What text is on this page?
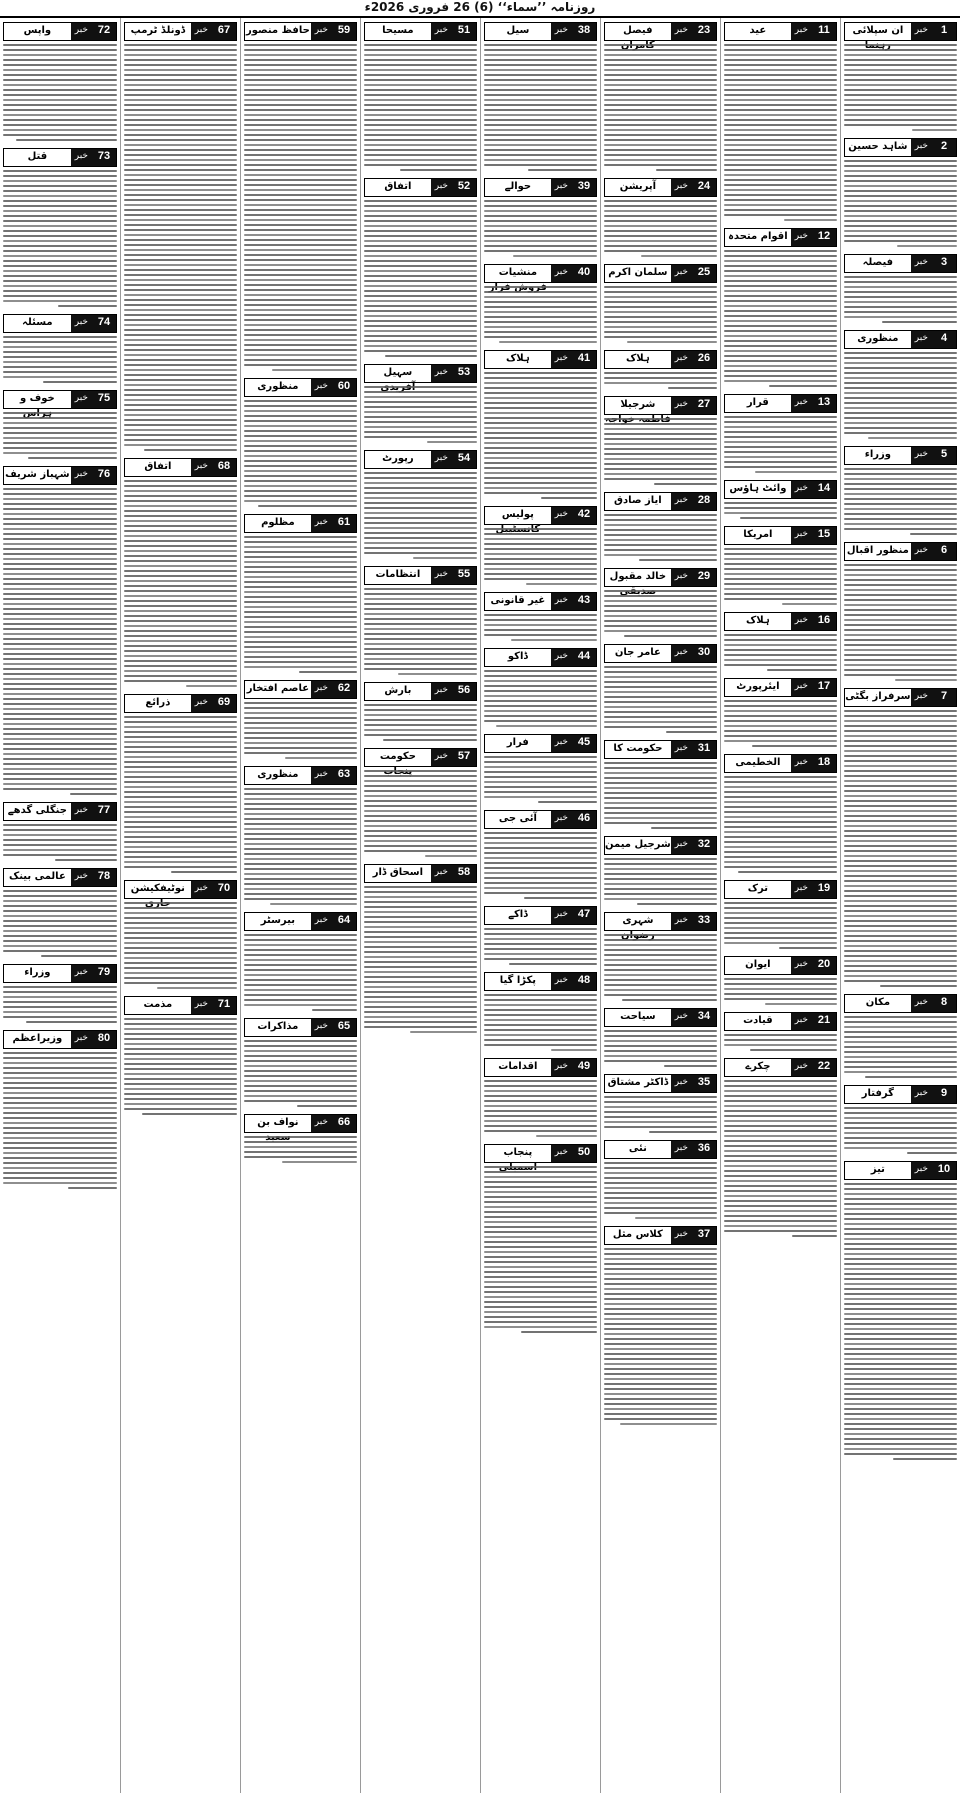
روزنامہ ’’سماء‘‘ (6) 26 فروری 2026ء
1
خبر
ان سپلائی
2
خبر
شاہد حسین
3
خبر
فیصلہ
4
خبر
منظوری
5
خبر
وزراء
6
خبر
منظور اقبال
7
خبر
سرفراز بگٹی
8
خبر
مکان
9
خبر
گرفتار
10
خبر
تیز
11
خبر
عید
12
خبر
اقوام متحدہ
13
خبر
قرار
14
خبر
وائٹ ہاؤس
15
خبر
امریکا
16
خبر
ہلاک
17
خبر
ایئرپورٹ
18
خبر
الخطیمی
19
خبر
ترک
20
خبر
ایوان
21
خبر
قیادت
22
خبر
چکرے
23
خبر
فیصل
24
خبر
آپریشن
25
خبر
سلمان اکرم
26
خبر
ہلاک
27
خبر
شرجیلا
28
خبر
ایاز صادق
29
خبر
خالد مقبول
30
خبر
عامر جان
31
خبر
حکومت کا
32
خبر
شرجیل میمن
33
خبر
شہری
34
خبر
سیاحت
35
خبر
ڈاکٹر مشتاق
36
خبر
نئی
37
خبر
کلاس مثل
38
خبر
سیل
39
خبر
حوالے
40
خبر
منشیات
41
خبر
ہلاک
42
خبر
پولیس
43
خبر
غیر قانونی
44
خبر
ڈاکو
45
خبر
فرار
46
خبر
آئی جی
47
خبر
ڈاکے
48
خبر
پکڑا گیا
49
خبر
اقدامات
50
خبر
پنجاب
51
خبر
مسیحا
52
خبر
اتفاق
53
خبر
سہیل
54
خبر
رپورٹ
55
خبر
انتظامات
56
خبر
بارش
57
خبر
حکومت
58
خبر
اسحاق ڈار
59
خبر
حافظ منصور
60
خبر
منظوری
61
خبر
مظلوم
62
خبر
عاصم افتخار
63
خبر
منظوری
64
خبر
بیرسٹر
65
خبر
مذاکرات
66
خبر
نواف بن
67
خبر
ڈونلڈ ٹرمپ
68
خبر
اتفاق
69
خبر
ذرائع
70
خبر
نوٹیفکیشن
71
خبر
مذمت
72
خبر
واپس
73
خبر
قتل
74
خبر
مسئلہ
75
خبر
خوف و
76
خبر
شہباز شریف
77
خبر
جنگلی گدھے
78
خبر
عالمی بینک
79
خبر
وزراء
80
خبر
وزیراعظم
